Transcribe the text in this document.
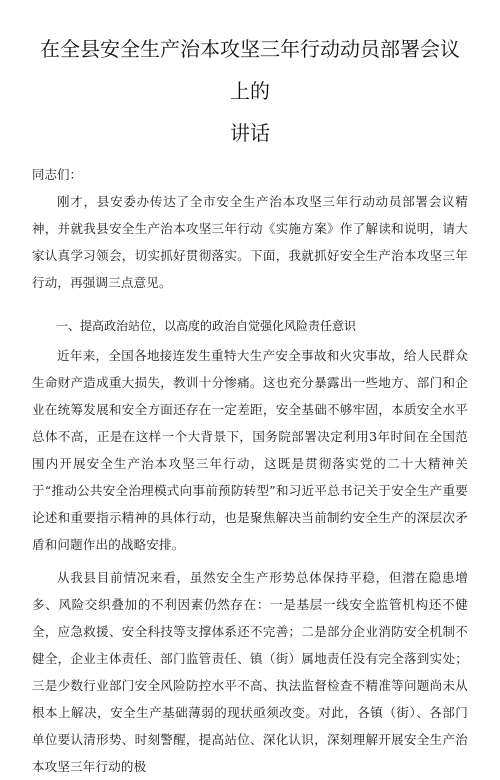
在全县安全生产治本攻坚三年行动动员部署会议上的
讲话

同志们：

刚才，县安委办传达了全市安全生产治本攻坚三年行动动员部署会议精神，并就我县安全生产治本攻坚三年行动《实施方案》作了解读和说明，请大家认真学习领会，切实抓好贯彻落实。下面，我就抓好安全生产治本攻坚三年行动，再强调三点意见。

一、提高政治站位，以高度的政治自觉强化风险责任意识

近年来，全国各地接连发生重特大生产安全事故和火灾事故，给人民群众生命财产造成重大损失，教训十分惨痛。这也充分暴露出一些地方、部门和企业在统筹发展和安全方面还存在一定差距，安全基础不够牢固，本质安全水平总体不高，正是在这样一个大背景下，国务院部署决定利用3年时间在全国范围内开展安全生产治本攻坚三年行动，这既是贯彻落实党的二十大精神关于“推动公共安全治理模式向事前预防转型”和习近平总书记关于安全生产重要论述和重要指示精神的具体行动，也是聚焦解决当前制约安全生产的深层次矛盾和问题作出的战略安排。

从我县目前情况来看，虽然安全生产形势总体保持平稳，但潜在隐患增多、风险交织叠加的不利因素仍然存在：一是基层一线安全监管机构还不健全，应急救援、安全科技等支撑体系还不完善；二是部分企业消防安全机制不健全，企业主体责任、部门监管责任、镇（街）属地责任没有完全落到实处；三是少数行业部门安全风险防控水平不高、执法监督检查不精准等问题尚未从根本上解决，安全生产基础薄弱的现状亟须改变。对此，各镇（街）、各部门单位要认清形势、时刻警醒，提高站位、深化认识，深刻理解开展安全生产治本攻坚三年行动的极
